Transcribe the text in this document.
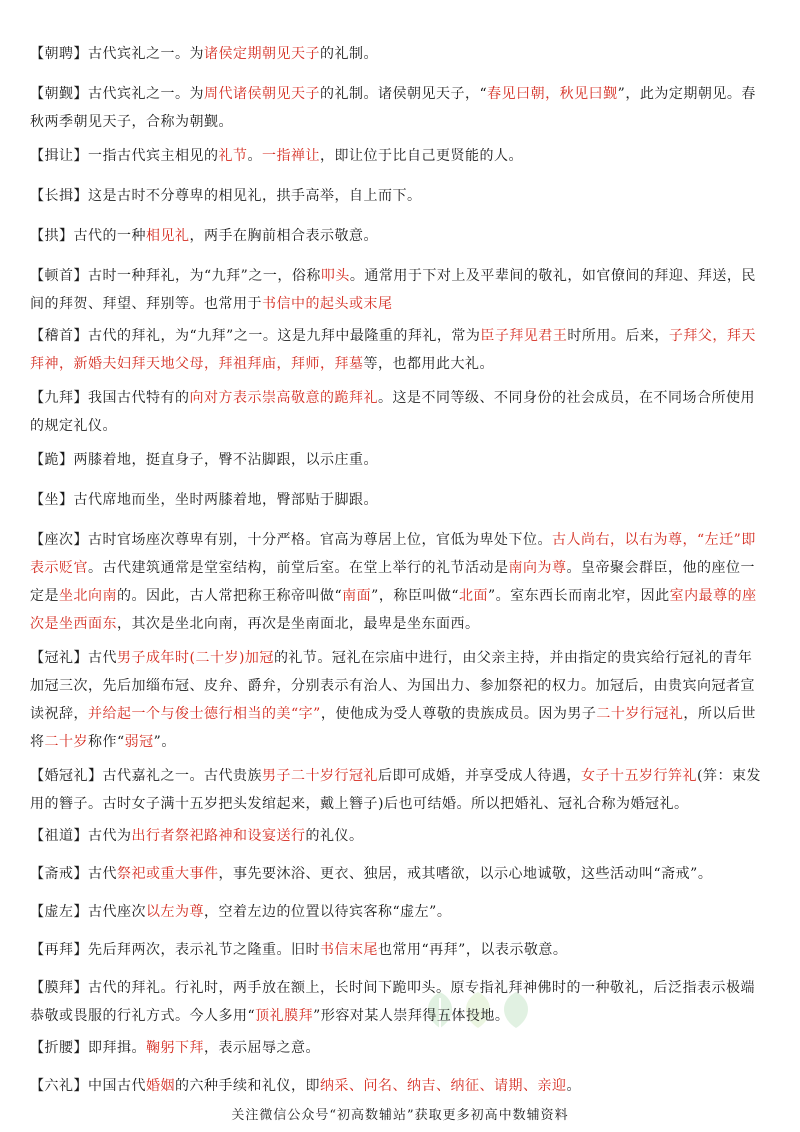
【朝聘】古代宾礼之一。为诸侯定期朝见天子的礼制。

【朝觐】古代宾礼之一。为周代诸侯朝见天子的礼制。诸侯朝见天子，“春见曰朝，秋见曰觐”，此为定期朝见。春秋两季朝见天子，合称为朝觐。

【揖让】一指古代宾主相见的礼节。一指禅让，即让位于比自己更贤能的人。

【长揖】这是古时不分尊卑的相见礼，拱手高举，自上而下。

【拱】古代的一种相见礼，两手在胸前相合表示敬意。

【顿首】古时一种拜礼，为“九拜”之一，俗称叩头。通常用于下对上及平辈间的敬礼，如官僚间的拜迎、拜送，民间的拜贺、拜望、拜别等。也常用于书信中的起头或末尾

【稽首】古代的拜礼，为“九拜”之一。这是九拜中最隆重的拜礼，常为臣子拜见君王时所用。后来，子拜父，拜天拜神，新婚夫妇拜天地父母，拜祖拜庙，拜师，拜墓等，也都用此大礼。

【九拜】我国古代特有的向对方表示崇高敬意的跪拜礼。这是不同等级、不同身份的社会成员，在不同场合所使用的规定礼仪。

【跪】两膝着地，挺直身子，臀不沾脚跟，以示庄重。

【坐】古代席地而坐，坐时两膝着地，臀部贴于脚跟。

【座次】古时官场座次尊卑有别，十分严格。官高为尊居上位，官低为卑处下位。古人尚右，以右为尊，“左迁”即表示贬官。古代建筑通常是堂室结构，前堂后室。在堂上举行的礼节活动是南向为尊。皇帝聚会群臣，他的座位一定是坐北向南的。因此，古人常把称王称帝叫做“南面”，称臣叫做“北面”。室东西长而南北窄，因此室内最尊的座次是坐西面东，其次是坐北向南，再次是坐南面北，最卑是坐东面西。

【冠礼】古代男子成年时(二十岁)加冠的礼节。冠礼在宗庙中进行，由父亲主持，并由指定的贵宾给行冠礼的青年加冠三次，先后加缁布冠、皮弁、爵弁，分别表示有治人、为国出力、参加祭祀的权力。加冠后，由贵宾向冠者宣读祝辞，并给起一个与俊士德行相当的美“字”，使他成为受人尊敬的贵族成员。因为男子二十岁行冠礼，所以后世将二十岁称作“弱冠”。

【婚冠礼】古代嘉礼之一。古代贵族男子二十岁行冠礼后即可成婚，并享受成人待遇，女子十五岁行笄礼(笄：束发用的簪子。古时女子满十五岁把头发绾起来，戴上簪子)后也可结婚。所以把婚礼、冠礼合称为婚冠礼。

【祖道】古代为出行者祭祀路神和设宴送行的礼仪。

【斋戒】古代祭祀或重大事件，事先要沐浴、更衣、独居，戒其嗜欲，以示心地诚敬，这些活动叫“斋戒”。

【虚左】古代座次以左为尊，空着左边的位置以待宾客称“虚左”。

【再拜】先后拜两次，表示礼节之隆重。旧时书信末尾也常用“再拜”，以表示敬意。

【膜拜】古代的拜礼。行礼时，两手放在额上，长时间下跪叩头。原专指礼拜神佛时的一种敬礼，后泛指表示极端恭敬或畏服的行礼方式。今人多用“顶礼膜拜”形容对某人崇拜得五体投地。

【折腰】即拜揖。鞠躬下拜，表示屈辱之意。

【六礼】中国古代婚姻的六种手续和礼仪，即纳采、问名、纳吉、纳征、请期、亲迎。

关注微信公众号“初高数辅站”获取更多初高中数辅资料
